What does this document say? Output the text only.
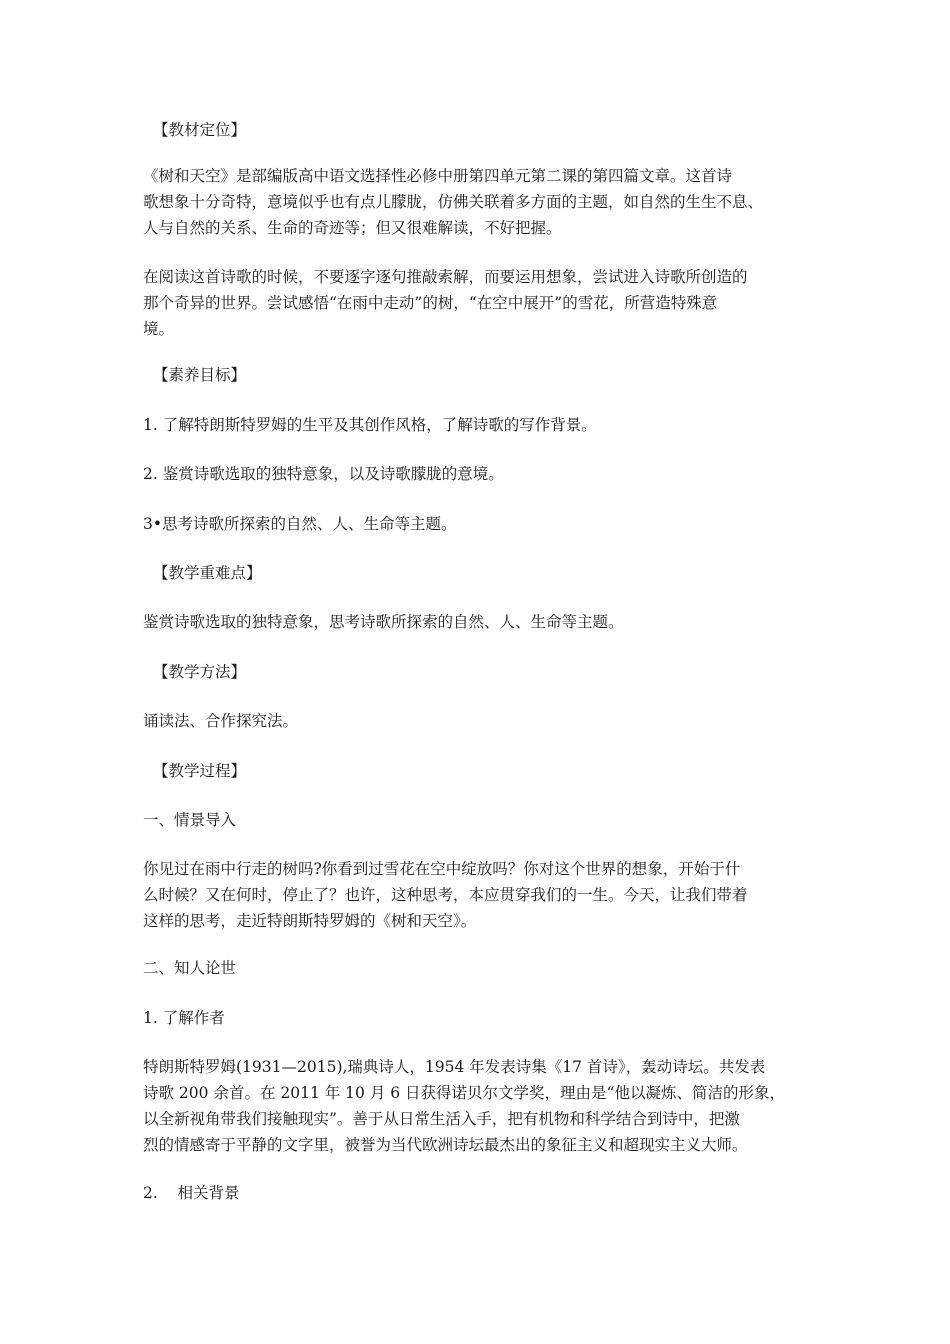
【教材定位】
《树和天空》是部编版高中语文选择性必修中册第四单元第二课的第四篇文章。这首诗
歌想象十分奇特，意境似乎也有点儿朦胧，仿佛关联着多方面的主题，如自然的生生不息、
人与自然的关系、生命的奇迹等；但又很难解读，不好把握。
在阅读这首诗歌的时候，不要逐字逐句推敲索解，而要运用想象，尝试进入诗歌所创造的
那个奇异的世界。尝试感悟“在雨中走动”的树，“在空中展开”的雪花，所营造特殊意
境。
【素养目标】
1. 了解特朗斯特罗姆的生平及其创作风格，了解诗歌的写作背景。
2. 鉴赏诗歌选取的独特意象，以及诗歌朦胧的意境。
3•思考诗歌所探索的自然、人、生命等主题。
【教学重难点】
鉴赏诗歌选取的独特意象，思考诗歌所探索的自然、人、生命等主题。
【教学方法】
诵读法、合作探究法。
【教学过程】
一、情景导入
你见过在雨中行走的树吗?你看到过雪花在空中绽放吗？你对这个世界的想象，开始于什
么时候？又在何时，停止了？也许，这种思考，本应贯穿我们的一生。今天，让我们带着
这样的思考，走近特朗斯特罗姆的《树和天空》。
二、知人论世
1. 了解作者
特朗斯特罗姆(1931—2015),瑞典诗人，1954 年发表诗集《17 首诗》，轰动诗坛。共发表
诗歌 200 余首。在 2011 年 10 月 6 日获得诺贝尔文学奖，理由是“他以凝炼、简洁的形象，
以全新视角带我们接触现实”。善于从日常生活入手，把有机物和科学结合到诗中，把激
烈的情感寄于平静的文字里，被誉为当代欧洲诗坛最杰出的象征主义和超现实主义大师。
2.    相关背景
